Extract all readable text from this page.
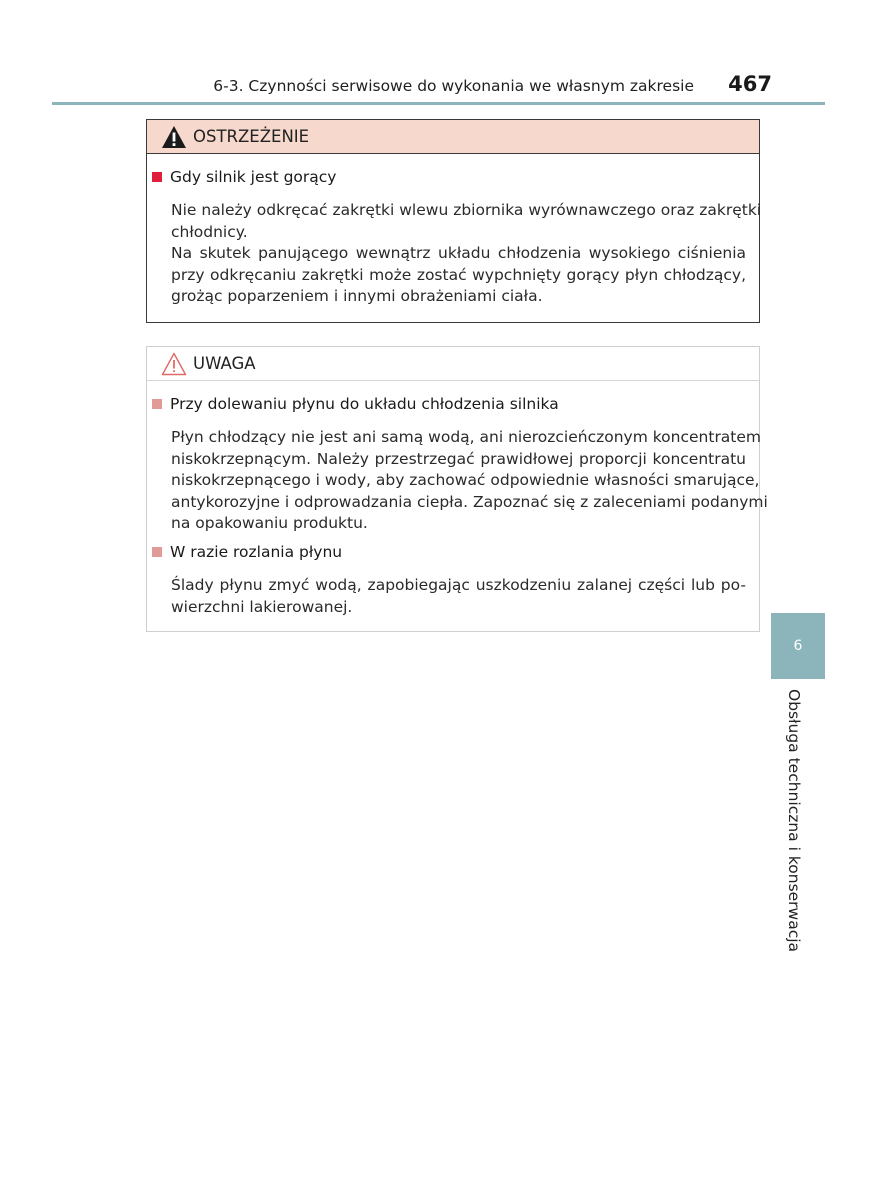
6-3. Czynności serwisowe do wykonania we własnym zakresie	467
OSTRZEŻENIE
Gdy silnik jest gorący
Nie należy odkręcać zakrętki wlewu zbiornika wyrównawczego oraz zakrętki
chłodnicy.
Na skutek panującego wewnątrz układu chłodzenia wysokiego ciśnienia
przy odkręcaniu zakrętki może zostać wypchnięty gorący płyn chłodzący,
grożąc poparzeniem i innymi obrażeniami ciała.
UWAGA
Przy dolewaniu płynu do układu chłodzenia silnika
Płyn chłodzący nie jest ani samą wodą, ani nierozcieńczonym koncentratem
niskokrzepnącym. Należy przestrzegać prawidłowej proporcji koncentratu
niskokrzepnącego i wody, aby zachować odpowiednie własności smarujące,
antykorozyjne i odprowadzania ciepła. Zapoznać się z zaleceniami podanymi
na opakowaniu produktu.
W razie rozlania płynu
Ślady płynu zmyć wodą, zapobiegając uszkodzeniu zalanej części lub po-
wierzchni lakierowanej.
6
Obsługa techniczna i konserwacja
